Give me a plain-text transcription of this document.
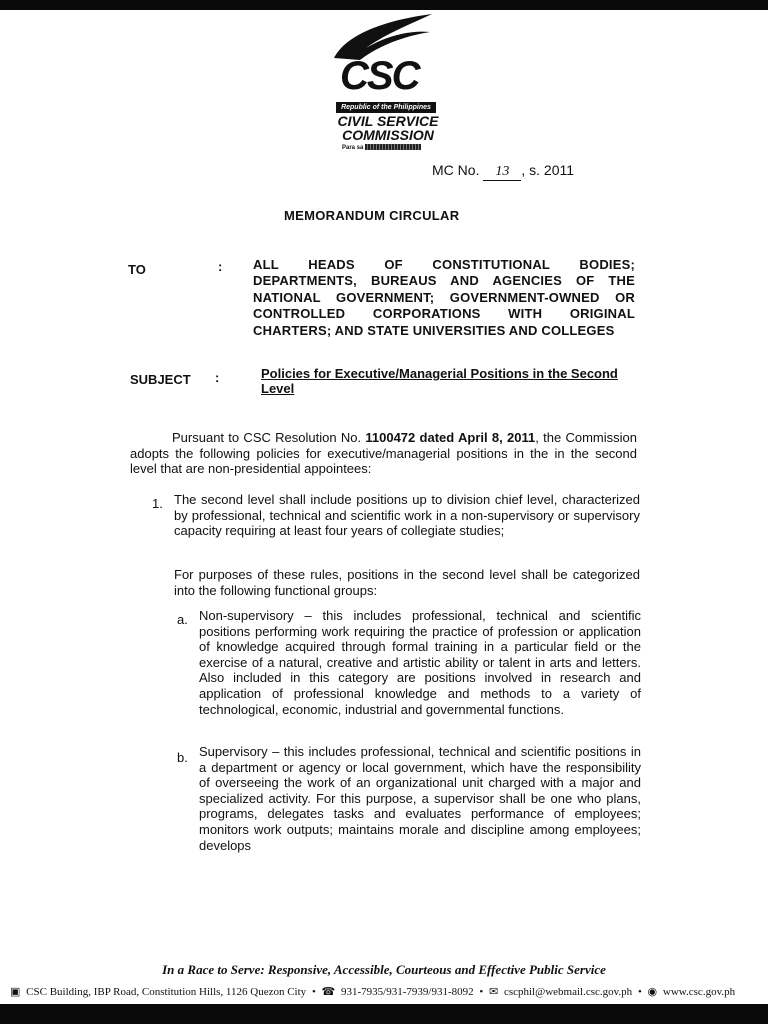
CSC
Republic of the Philippines
CIVIL SERVICE
COMMISSION
Para sa
MC No. 13 , s. 2011
MEMORANDUM CIRCULAR
TO	: ALL HEADS OF CONSTITUTIONAL BODIES; DEPARTMENTS, BUREAUS AND AGENCIES OF THE NATIONAL GOVERNMENT; GOVERNMENT-OWNED OR CONTROLLED CORPORATIONS WITH ORIGINAL CHARTERS; AND STATE UNIVERSITIES AND COLLEGES
SUBJECT :	Policies for Executive/Managerial Positions in the Second Level
Pursuant to CSC Resolution No. 1100472 dated April 8, 2011, the Commission adopts the following policies for executive/managerial positions in the in the second level that are non-presidential appointees:
1. The second level shall include positions up to division chief level, characterized by professional, technical and scientific work in a non-supervisory or supervisory capacity requiring at least four years of collegiate studies;
For purposes of these rules, positions in the second level shall be categorized into the following functional groups:
a. Non-supervisory – this includes professional, technical and scientific positions performing work requiring the practice of profession or application of knowledge acquired through formal training in a particular field or the exercise of a natural, creative and artistic ability or talent in arts and letters. Also included in this category are positions involved in research and application of professional knowledge and methods to a variety of technological, economic, industrial and governmental functions.
b. Supervisory – this includes professional, technical and scientific positions in a department or agency or local government, which have the responsibility of overseeing the work of an organizational unit charged with a major and specialized activity. For this purpose, a supervisor shall be one who plans, programs, delegates tasks and evaluates performance of employees; monitors work outputs; maintains morale and discipline among employees; develops
In a Race to Serve: Responsive, Accessible, Courteous and Effective Public Service
▣ CSC Building, IBP Road, Constitution Hills, 1126 Quezon City • ☎ 931-7935/931-7939/931-8092 • ✉ cscphil@webmail.csc.gov.ph • ◉ www.csc.gov.ph
